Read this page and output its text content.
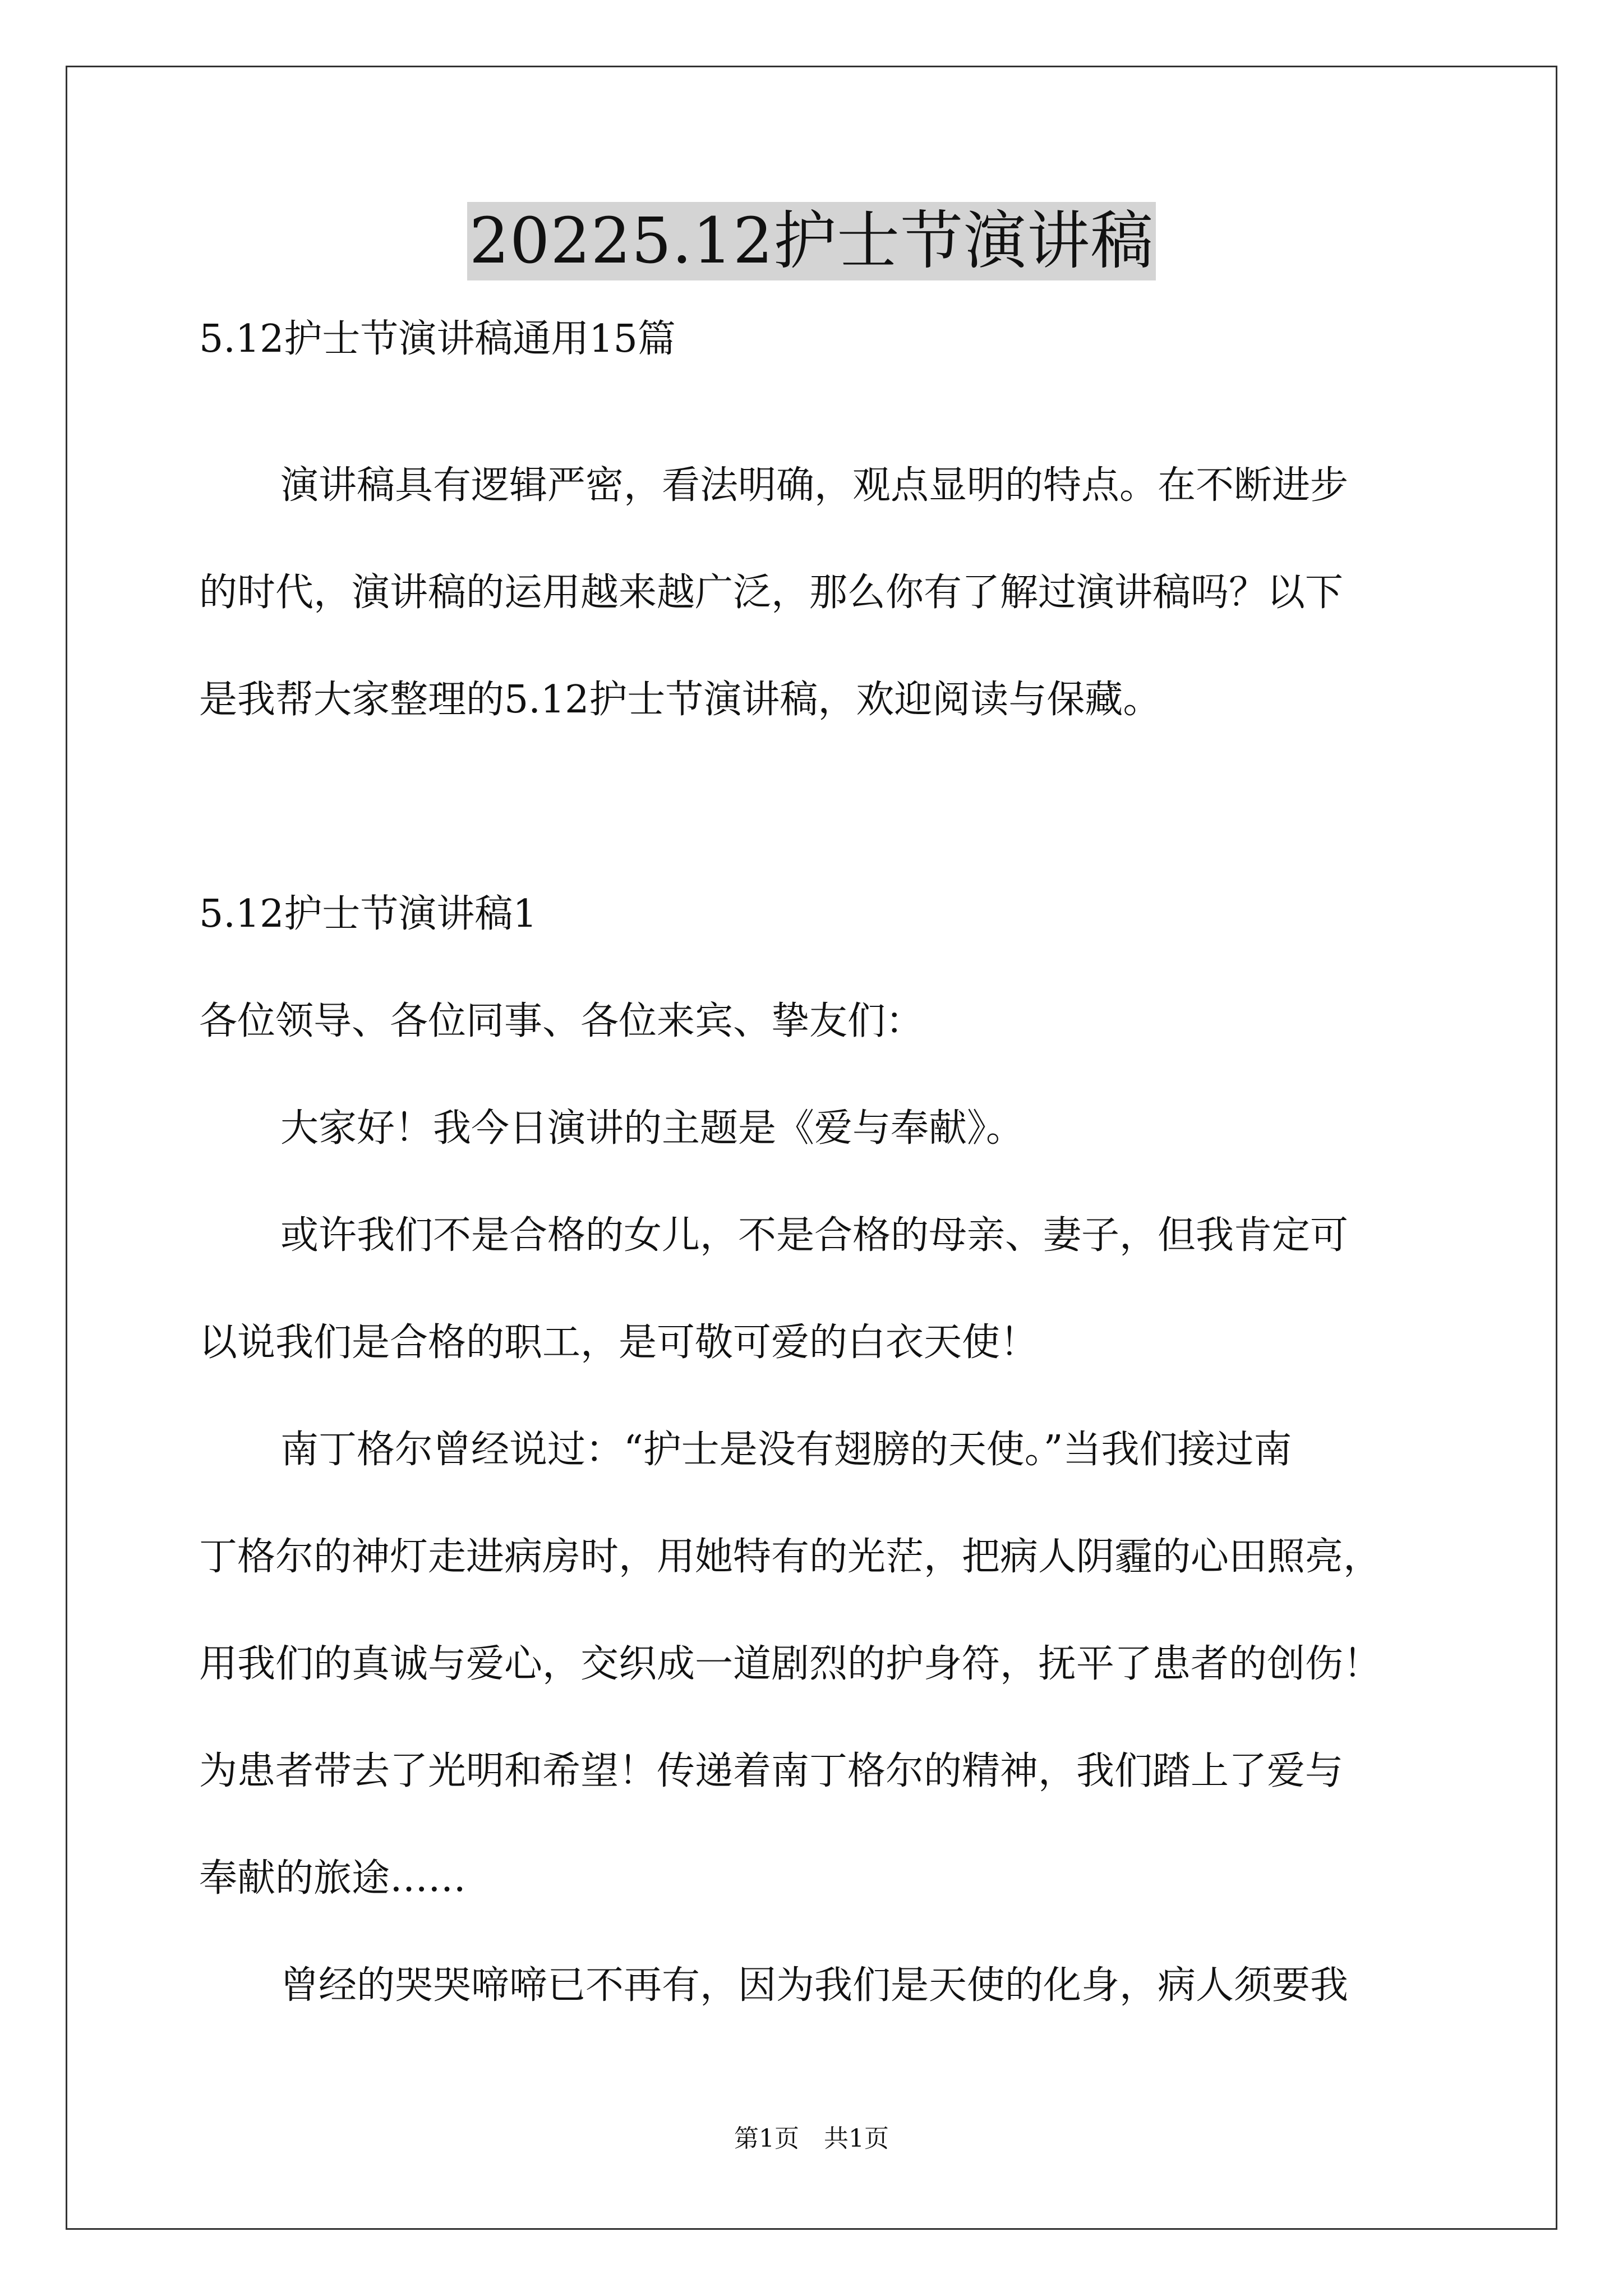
20225.12护士节演讲稿
5.12护士节演讲稿通用15篇
演讲稿具有逻辑严密，看法明确，观点显明的特点。在不断进步
的时代，演讲稿的运用越来越广泛，那么你有了解过演讲稿吗？以下
是我帮大家整理的5.12护士节演讲稿，欢迎阅读与保藏。
5.12护士节演讲稿1
各位领导、各位同事、各位来宾、挚友们：
大家好！我今日演讲的主题是《爱与奉献》。
或许我们不是合格的女儿，不是合格的母亲、妻子，但我肯定可
以说我们是合格的职工，是可敬可爱的白衣天使！
南丁格尔曾经说过：“护士是没有翅膀的天使。”当我们接过南
丁格尔的神灯走进病房时，用她特有的光茫，把病人阴霾的心田照亮，
用我们的真诚与爱心，交织成一道剧烈的护身符，抚平了患者的创伤！
为患者带去了光明和希望！传递着南丁格尔的精神，我们踏上了爱与
奉献的旅途……
曾经的哭哭啼啼已不再有，因为我们是天使的化身，病人须要我
第1页　共1页
